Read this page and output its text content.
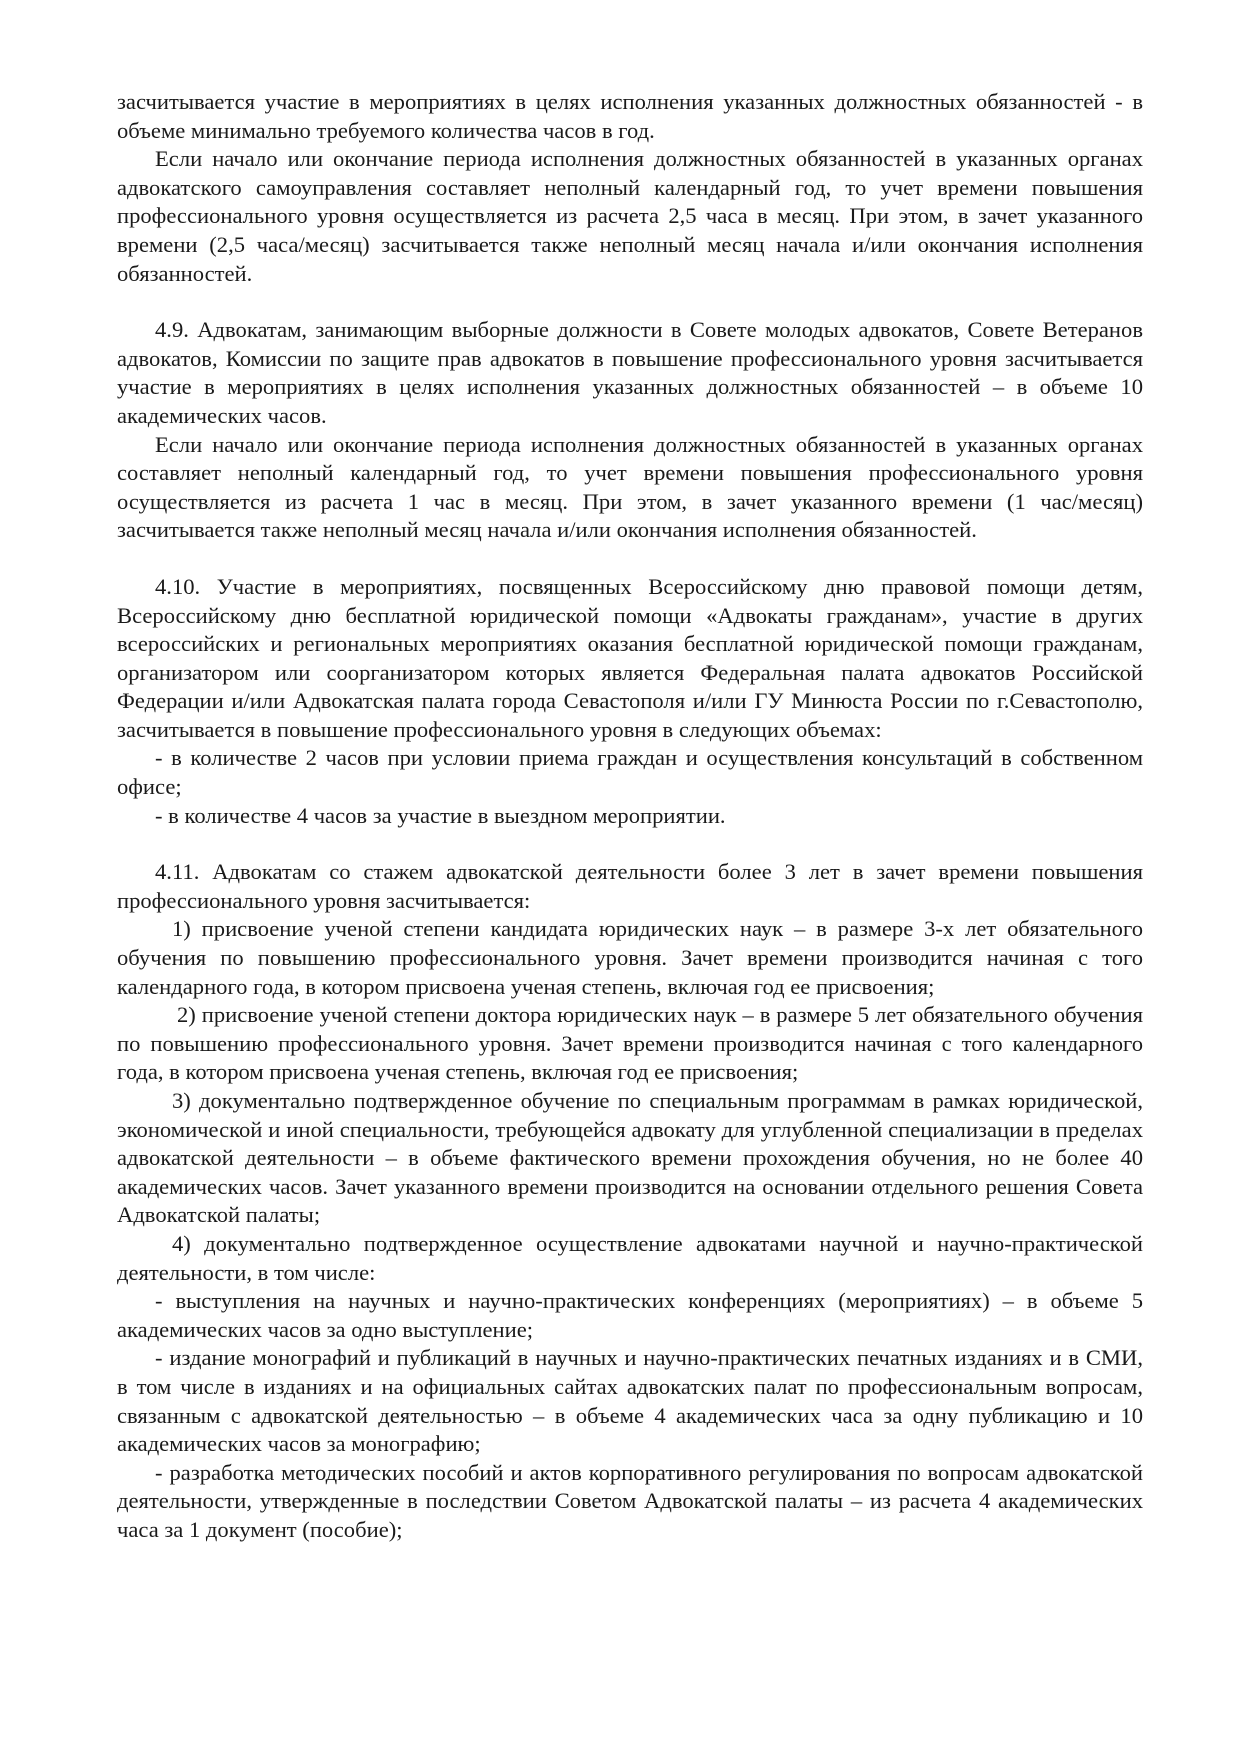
засчитывается участие в мероприятиях в целях исполнения указанных должностных обязанностей - в объеме минимально требуемого количества часов в год.

Если начало или окончание периода исполнения должностных обязанностей в указанных органах адвокатского самоуправления составляет неполный календарный год, то учет времени повышения профессионального уровня осуществляется из расчета 2,5 часа в месяц. При этом, в зачет указанного времени (2,5 часа/месяц) засчитывается также неполный месяц начала и/или окончания исполнения обязанностей.

4.9. Адвокатам, занимающим выборные должности в Совете молодых адвокатов, Совете Ветеранов адвокатов, Комиссии по защите прав адвокатов в повышение профессионального уровня засчитывается участие в мероприятиях в целях исполнения указанных должностных обязанностей – в объеме 10 академических часов.

Если начало или окончание периода исполнения должностных обязанностей в указанных органах составляет неполный календарный год, то учет времени повышения профессионального уровня осуществляется из расчета 1 час в месяц. При этом, в зачет указанного времени (1 час/месяц) засчитывается также неполный месяц начала и/или окончания исполнения обязанностей.

4.10. Участие в мероприятиях, посвященных Всероссийскому дню правовой помощи детям, Всероссийскому дню бесплатной юридической помощи «Адвокаты гражданам», участие в других всероссийских и региональных мероприятиях оказания бесплатной юридической помощи гражданам, организатором или соорганизатором которых является Федеральная палата адвокатов Российской Федерации и/или Адвокатская палата города Севастополя и/или ГУ Минюста России по г.Севастополю, засчитывается в повышение профессионального уровня в следующих объемах:

- в количестве 2 часов при условии приема граждан и осуществления консультаций в собственном офисе;

- в количестве 4 часов за участие в выездном мероприятии.

4.11. Адвокатам со стажем адвокатской деятельности более 3 лет в зачет времени повышения профессионального уровня засчитывается:

1) присвоение ученой степени кандидата юридических наук – в размере 3-х лет обязательного обучения по повышению профессионального уровня. Зачет времени производится начиная с того календарного года, в котором присвоена ученая степень, включая год ее присвоения;

2) присвоение ученой степени доктора юридических наук – в размере 5 лет обязательного обучения по повышению профессионального уровня. Зачет времени производится начиная с того календарного года, в котором присвоена ученая степень, включая год ее присвоения;

3) документально подтвержденное обучение по специальным программам в рамках юридической, экономической и иной специальности, требующейся адвокату для углубленной специализации в пределах адвокатской деятельности – в объеме фактического времени прохождения обучения, но не более 40 академических часов. Зачет указанного времени производится на основании отдельного решения Совета Адвокатской палаты;

4) документально подтвержденное осуществление адвокатами научной и научно-практической деятельности, в том числе:

- выступления на научных и научно-практических конференциях (мероприятиях) – в объеме 5 академических часов за одно выступление;

- издание монографий и публикаций в научных и научно-практических печатных изданиях и в СМИ, в том числе в изданиях и на официальных сайтах адвокатских палат по профессиональным вопросам, связанным с адвокатской деятельностью – в объеме 4 академических часа за одну публикацию и 10 академических часов за монографию;

- разработка методических пособий и актов корпоративного регулирования по вопросам адвокатской деятельности, утвержденные в последствии Советом Адвокатской палаты – из расчета 4 академических часа за 1 документ (пособие);
